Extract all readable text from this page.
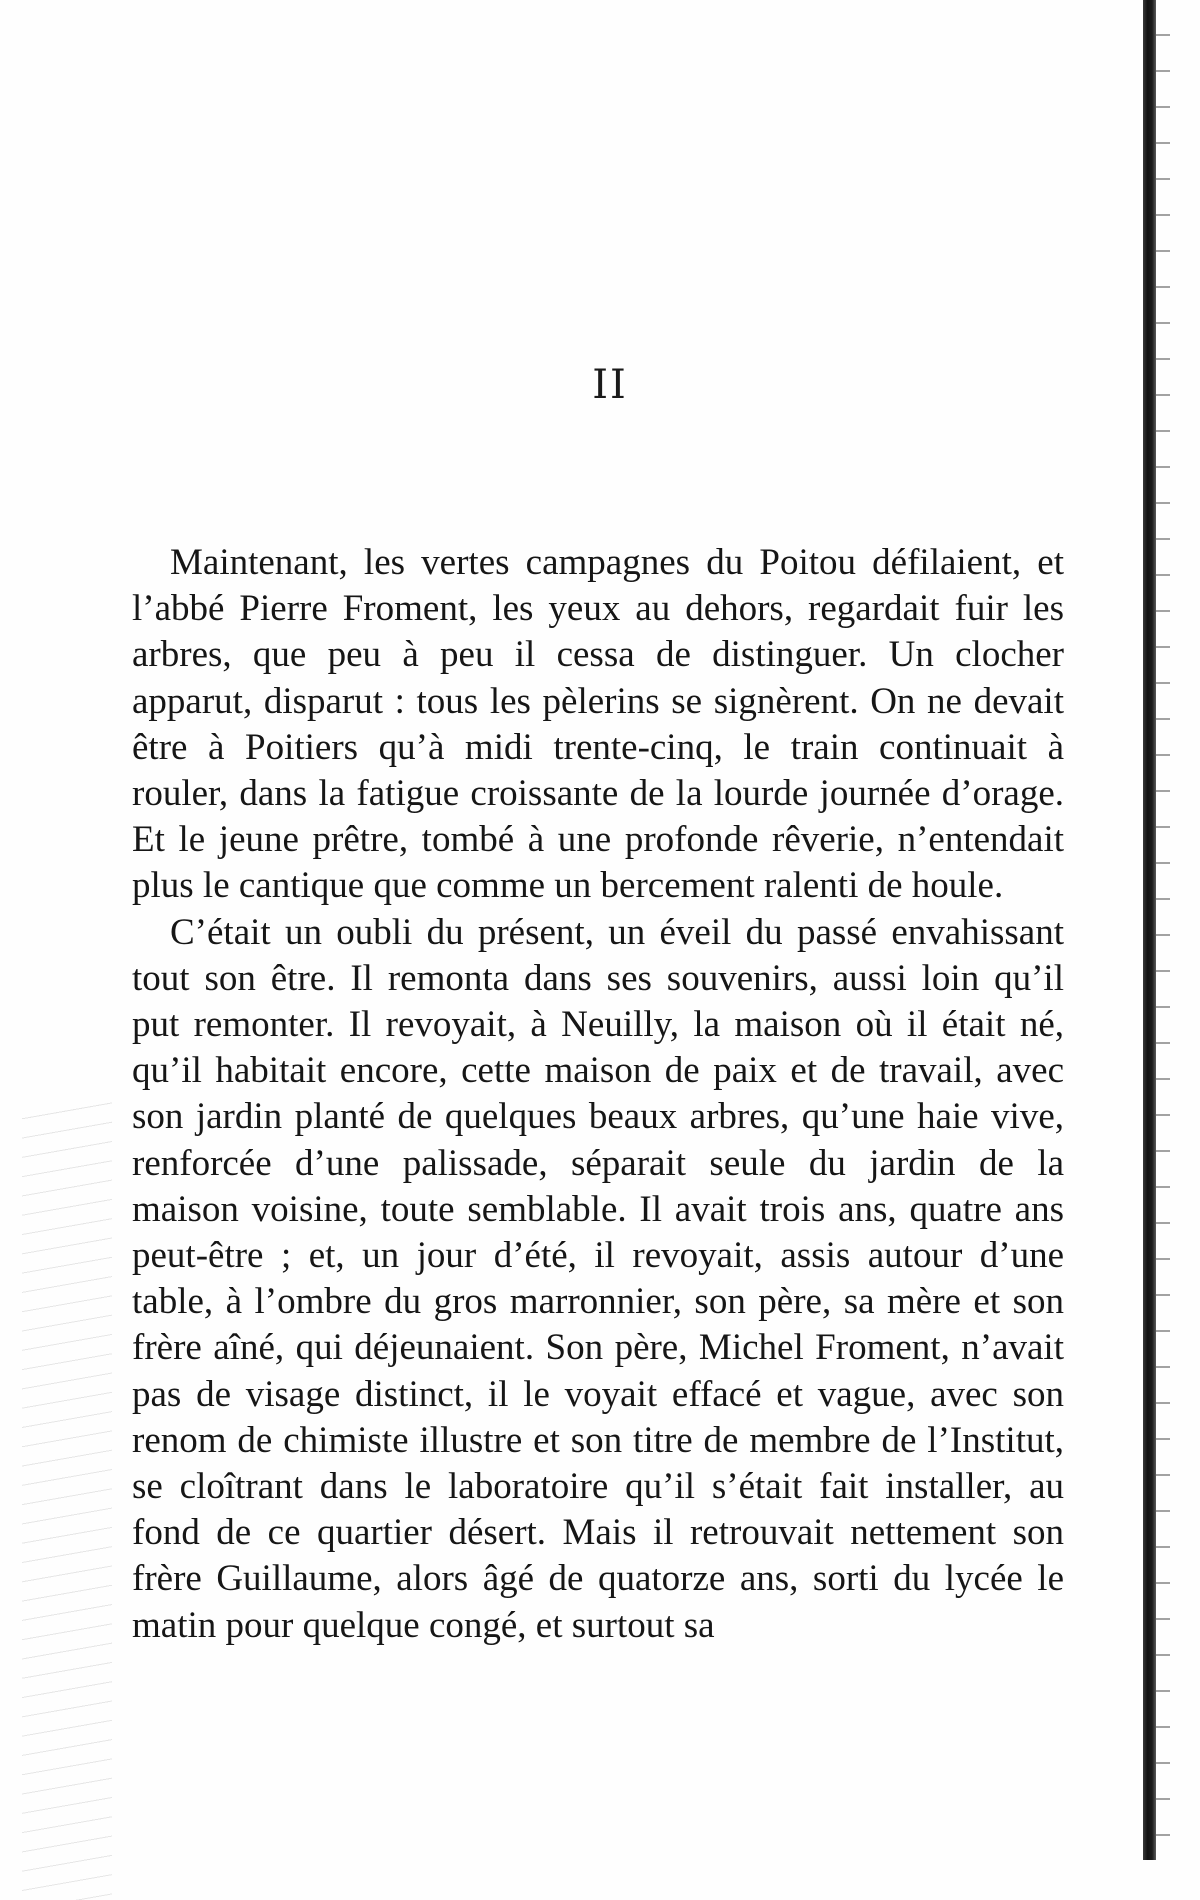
II

Maintenant, les vertes campagnes du Poitou défilaient, et l’abbé Pierre Froment, les yeux au dehors, regardait fuir les arbres, que peu à peu il cessa de distinguer. Un clocher apparut, disparut : tous les pèlerins se signèrent. On ne devait être à Poitiers qu’à midi trente-cinq, le train continuait à rouler, dans la fatigue croissante de la lourde journée d’orage. Et le jeune prêtre, tombé à une profonde rêverie, n’entendait plus le cantique que comme un bercement ralenti de houle.

C’était un oubli du présent, un éveil du passé envahissant tout son être. Il remonta dans ses souvenirs, aussi loin qu’il put remonter. Il revoyait, à Neuilly, la maison où il était né, qu’il habitait encore, cette maison de paix et de travail, avec son jardin planté de quelques beaux arbres, qu’une haie vive, renforcée d’une palissade, séparait seule du jardin de la maison voisine, toute semblable. Il avait trois ans, quatre ans peut-être ; et, un jour d’été, il revoyait, assis autour d’une table, à l’ombre du gros marronnier, son père, sa mère et son frère aîné, qui déjeunaient. Son père, Michel Froment, n’avait pas de visage distinct, il le voyait effacé et vague, avec son renom de chimiste illustre et son titre de membre de l’Institut, se cloîtrant dans le laboratoire qu’il s’était fait installer, au fond de ce quartier désert. Mais il retrouvait nettement son frère Guillaume, alors âgé de quatorze ans, sorti du lycée le matin pour quelque congé, et surtout sa
